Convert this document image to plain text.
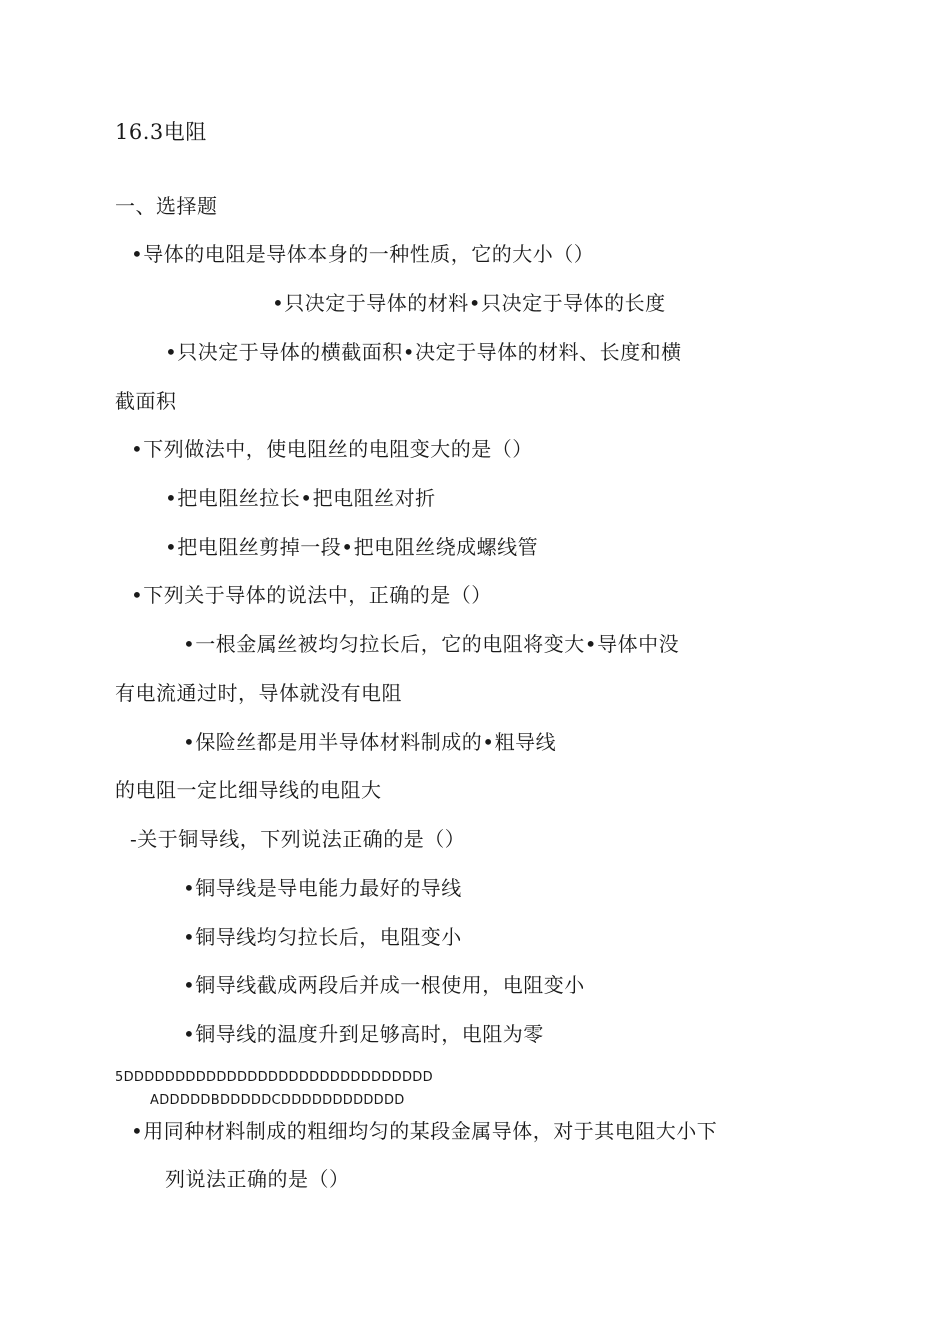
16.3电阻
一、选择题
•导体的电阻是导体本身的一种性质，它的大小（）
•只决定于导体的材料•只决定于导体的长度
•只决定于导体的横截面积•决定于导体的材料、长度和横
截面积
•下列做法中，使电阻丝的电阻变大的是（）
•把电阻丝拉长•把电阻丝对折
•把电阻丝剪掉一段•把电阻丝绕成螺线管
•下列关于导体的说法中，正确的是（）
•一根金属丝被均匀拉长后，它的电阻将变大•导体中没
有电流通过时，导体就没有电阻
•保险丝都是用半导体材料制成的•粗导线
的电阻一定比细导线的电阻大
-关于铜导线，下列说法正确的是（）
•铜导线是导电能力最好的导线
•铜导线均匀拉长后，电阻变小
•铜导线截成两段后并成一根使用，电阻变小
•铜导线的温度升到足够高时，电阻为零
5DDDDDDDDDDDDDDDDDDDDDDDDDDDDDD
ADDDDDBDDDDDCDDDDDDDDDDDD
•用同种材料制成的粗细均匀的某段金属导体，对于其电阻大小下
列说法正确的是（）
